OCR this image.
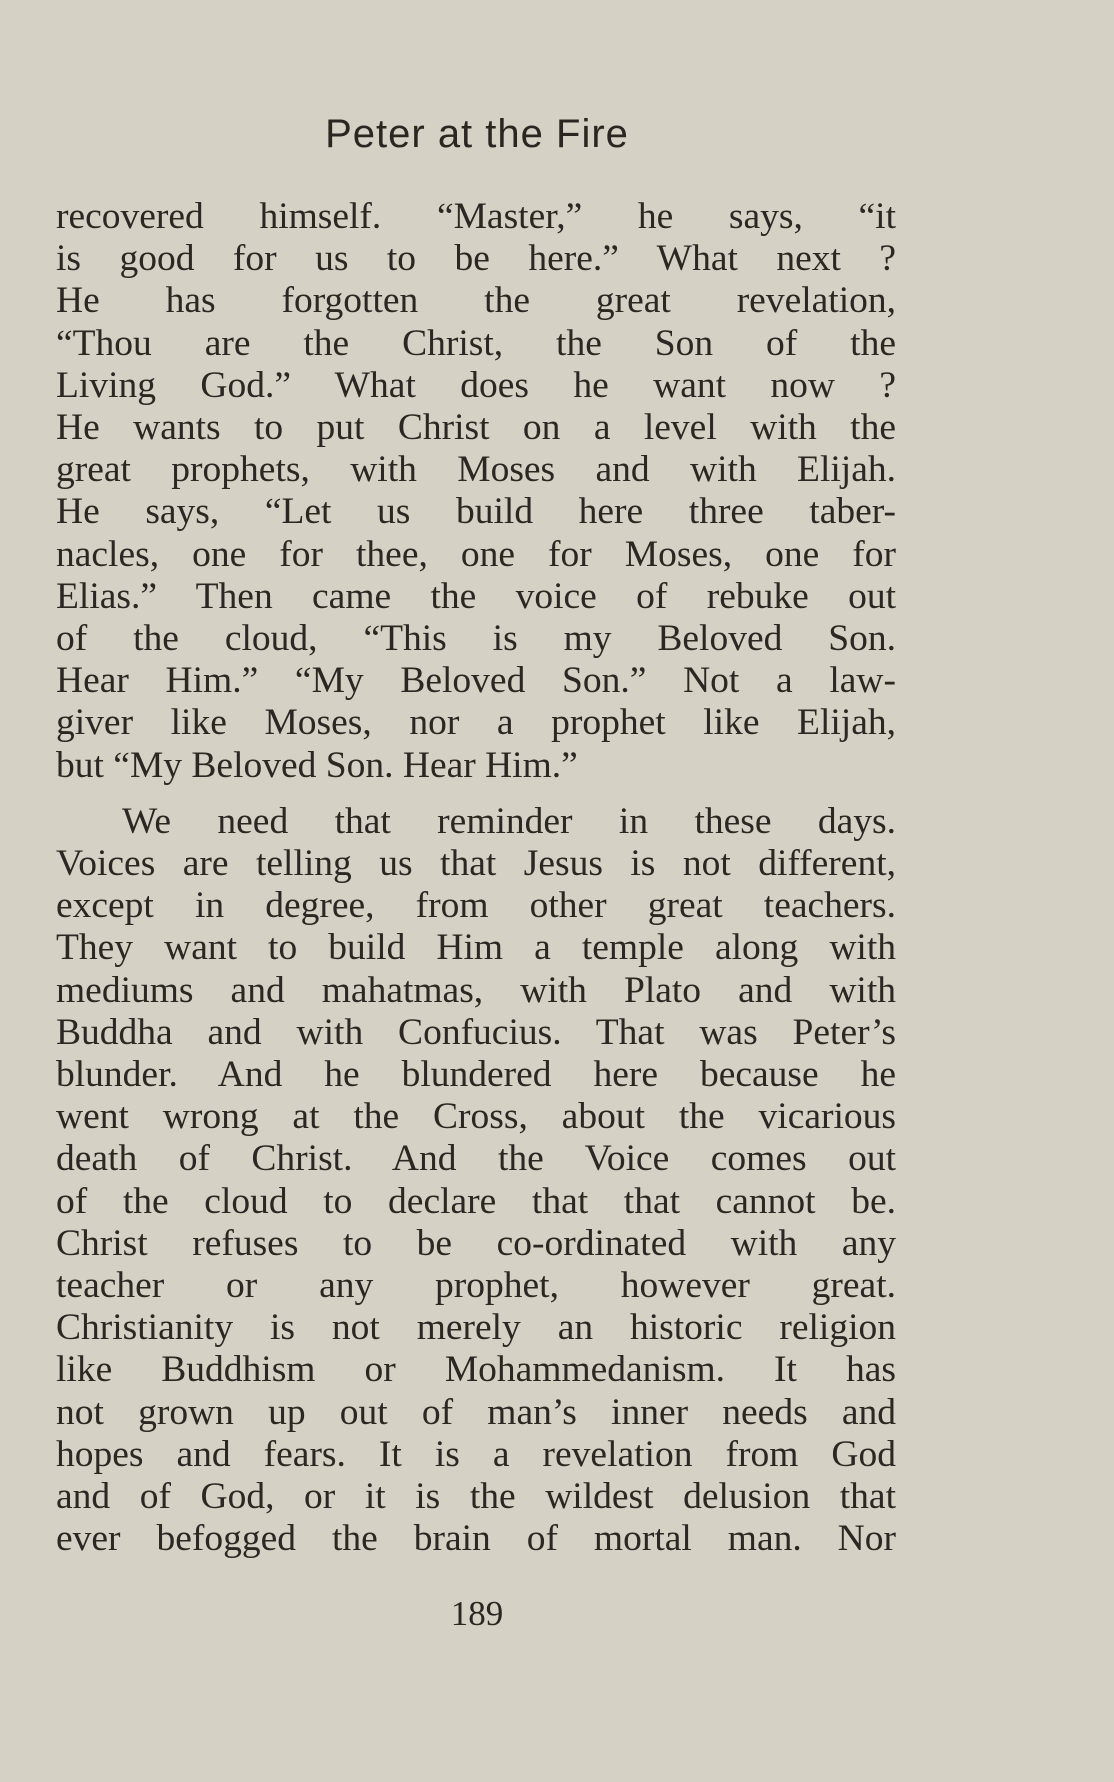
Peter at the Fire

recovered himself. “Master,” he says, “it
is good for us to be here.” What next ?
He has forgotten the great revelation,
“Thou are the Christ, the Son of the
Living God.” What does he want now ?
He wants to put Christ on a level with the
great prophets, with Moses and with Elijah.
He says, “Let us build here three taber-
nacles, one for thee, one for Moses, one for
Elias.” Then came the voice of rebuke out
of the cloud, “This is my Beloved Son.
Hear Him.” “My Beloved Son.” Not a law-
giver like Moses, nor a prophet like Elijah,
but “My Beloved Son. Hear Him.”

We need that reminder in these days.
Voices are telling us that Jesus is not different,
except in degree, from other great teachers.
They want to build Him a temple along with
mediums and mahatmas, with Plato and with
Buddha and with Confucius. That was Peter’s
blunder. And he blundered here because he
went wrong at the Cross, about the vicarious
death of Christ. And the Voice comes out
of the cloud to declare that that cannot be.
Christ refuses to be co-ordinated with any
teacher or any prophet, however great.
Christianity is not merely an historic religion
like Buddhism or Mohammedanism. It has
not grown up out of man’s inner needs and
hopes and fears. It is a revelation from God
and of God, or it is the wildest delusion that
ever befogged the brain of mortal man. Nor

189
